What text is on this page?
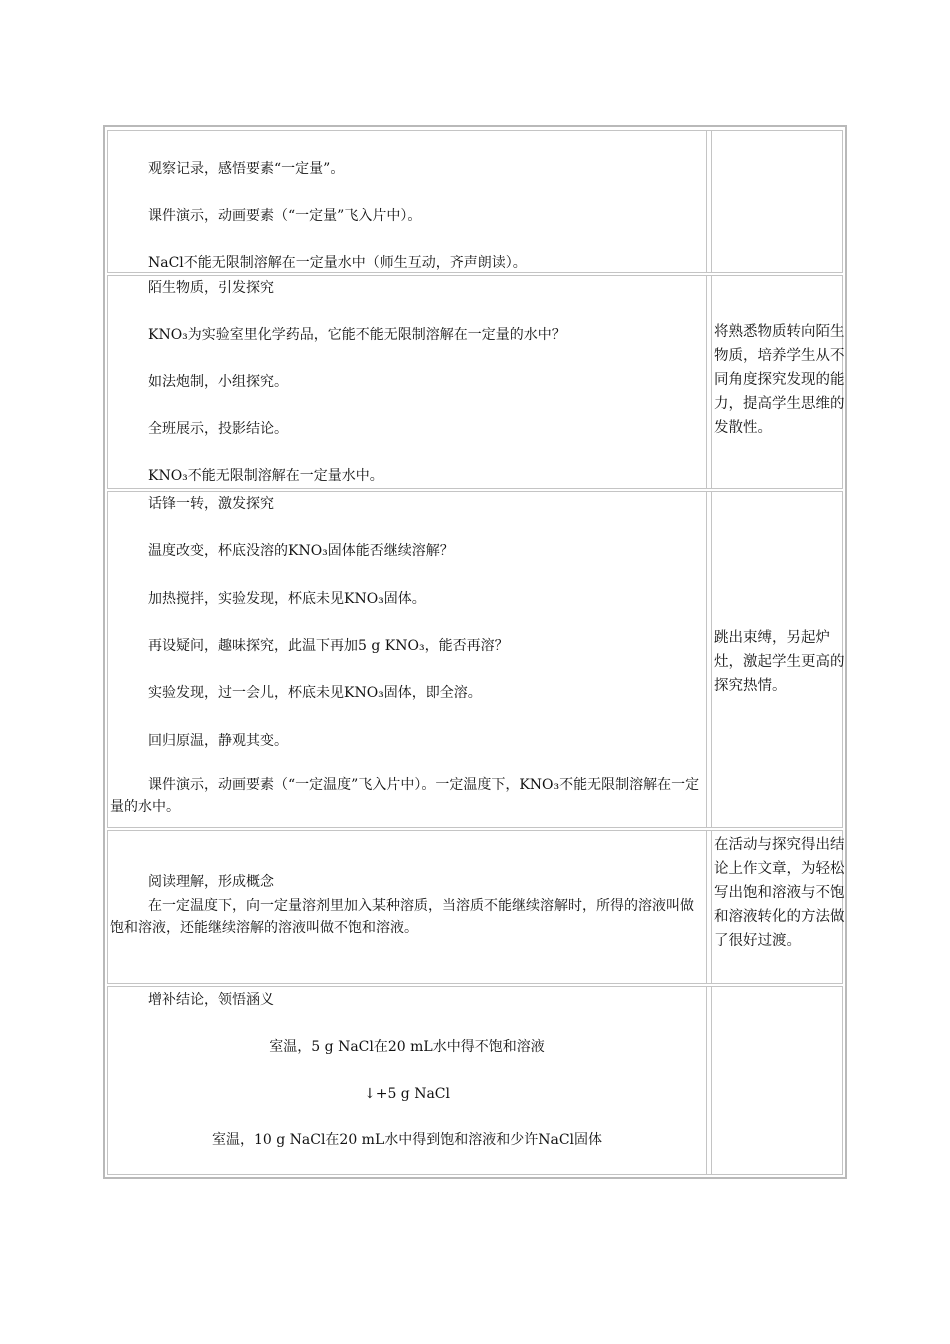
观察记录，感悟要素“一定量”。
课件演示，动画要素（“一定量”飞入片中）。
NaCl不能无限制溶解在一定量水中（师生互动，齐声朗读）。
陌生物质，引发探究
KNO₃为实验室里化学药品，它能不能无限制溶解在一定量的水中？
如法炮制，小组探究。
全班展示，投影结论。
KNO₃不能无限制溶解在一定量水中。
将熟悉物质转向陌生物质，培养学生从不同角度探究发现的能力，提高学生思维的发散性。
话锋一转，激发探究
温度改变，杯底没溶的KNO₃固体能否继续溶解？
加热搅拌，实验发现，杯底未见KNO₃固体。
再设疑问，趣味探究，此温下再加5 g KNO₃，能否再溶？
实验发现，过一会儿，杯底未见KNO₃固体，即全溶。
回归原温，静观其变。
课件演示，动画要素（“一定温度”飞入片中）。一定温度下，KNO₃不能无限制溶解在一定量的水中。
跳出束缚，另起炉灶，激起学生更高的探究热情。
阅读理解，形成概念
在一定温度下，向一定量溶剂里加入某种溶质，当溶质不能继续溶解时，所得的溶液叫做饱和溶液，还能继续溶解的溶液叫做不饱和溶液。
在活动与探究得出结论上作文章，为轻松写出饱和溶液与不饱和溶液转化的方法做了很好过渡。
增补结论，领悟涵义
室温，5 g NaCl在20 mL水中得不饱和溶液
↓+5 g NaCl
室温，10 g NaCl在20 mL水中得到饱和溶液和少许NaCl固体
